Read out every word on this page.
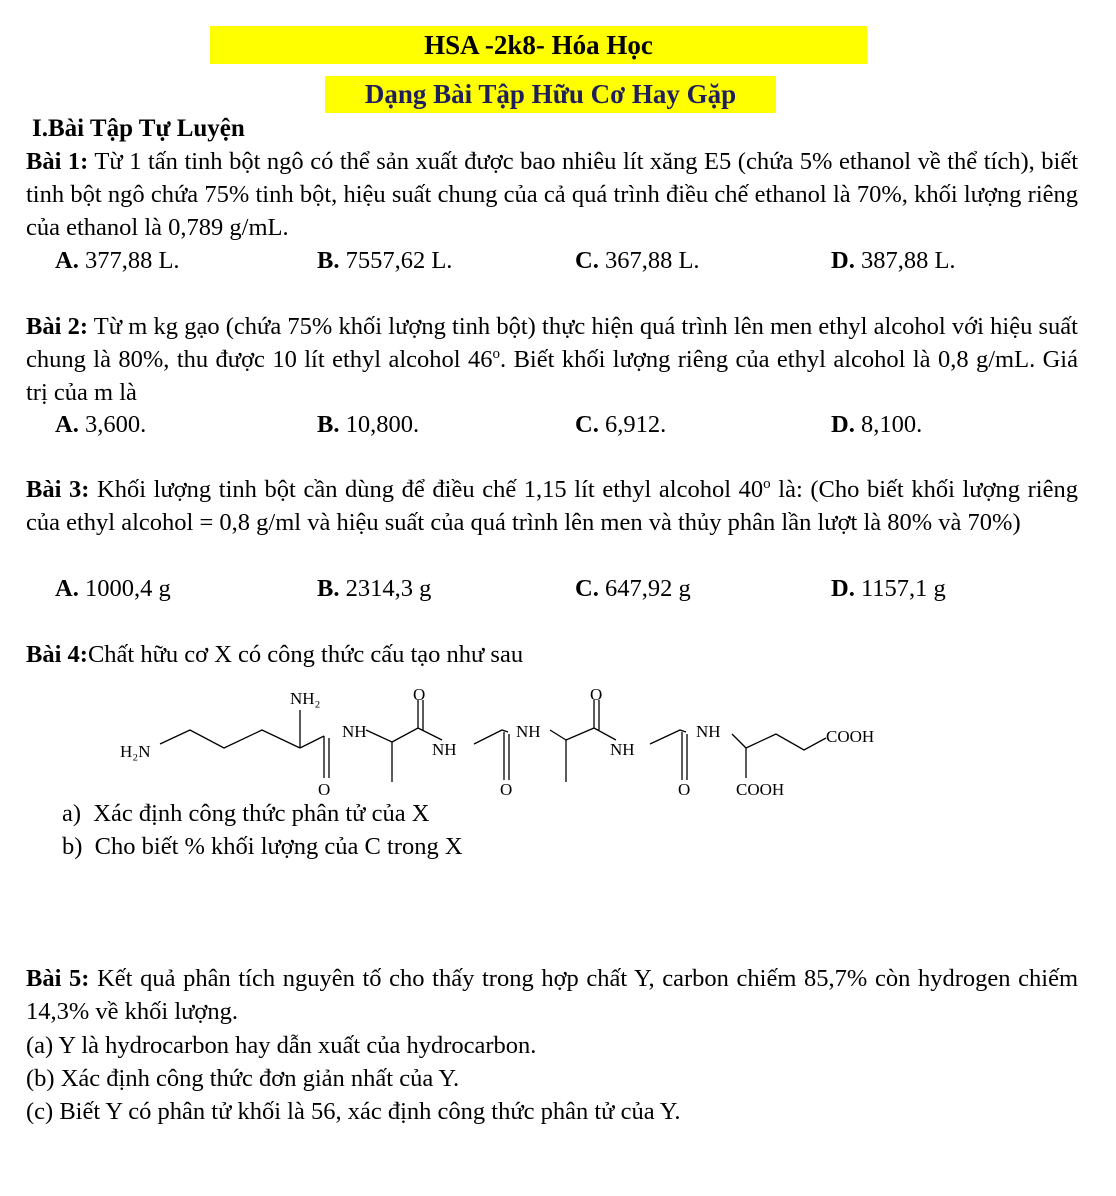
HSA -2k8- Hóa Học
Dạng Bài Tập Hữu Cơ Hay Gặp
I.Bài Tập Tự Luyện
Bài 1: Từ 1 tấn tinh bột ngô có thể sản xuất được bao nhiêu lít xăng E5 (chứa 5% ethanol về thể tích), biết tinh bột ngô chứa 75% tinh bột, hiệu suất chung của cả quá trình điều chế ethanol là 70%, khối lượng riêng của ethanol là 0,789 g/mL.
A. 377,88 L.	B. 7557,62 L.	C. 367,88 L.	D. 387,88 L.
Bài 2: Từ m kg gạo (chứa 75% khối lượng tinh bột) thực hiện quá trình lên men ethyl alcohol với hiệu suất chung là 80%, thu được 10 lít ethyl alcohol 46$^o$. Biết khối lượng riêng của ethyl alcohol là 0,8 g/mL. Giá trị của m là
A. 3,600.	B. 10,800.	C. 6,912.	D. 8,100.
Bài 3: Khối lượng tinh bột cần dùng để điều chế 1,15 lít ethyl alcohol 40$^o$ là: (Cho biết khối lượng riêng của ethyl alcohol = 0,8 g/ml và hiệu suất của quá trình lên men và thủy phân lần lượt là 80% và 70%)
A. 1000,4 g	B. 2314,3 g	C. 647,92 g	D. 1157,1 g
Bài 4:Chất hữu cơ X có công thức cấu tạo như sau
H₂N
NH₂
NH
O
O
NH
NH
O
O
NH
NH
O
COOH
COOH
a) Xác định công thức phân tử của X
b) Cho biết % khối lượng của C trong X
Bài 5: Kết quả phân tích nguyên tố cho thấy trong hợp chất Y, carbon chiếm 85,7% còn hydrogen chiếm 14,3% về khối lượng.
(a) Y là hydrocarbon hay dẫn xuất của hydrocarbon.
(b) Xác định công thức đơn giản nhất của Y.
(c) Biết Y có phân tử khối là 56, xác định công thức phân tử của Y.
